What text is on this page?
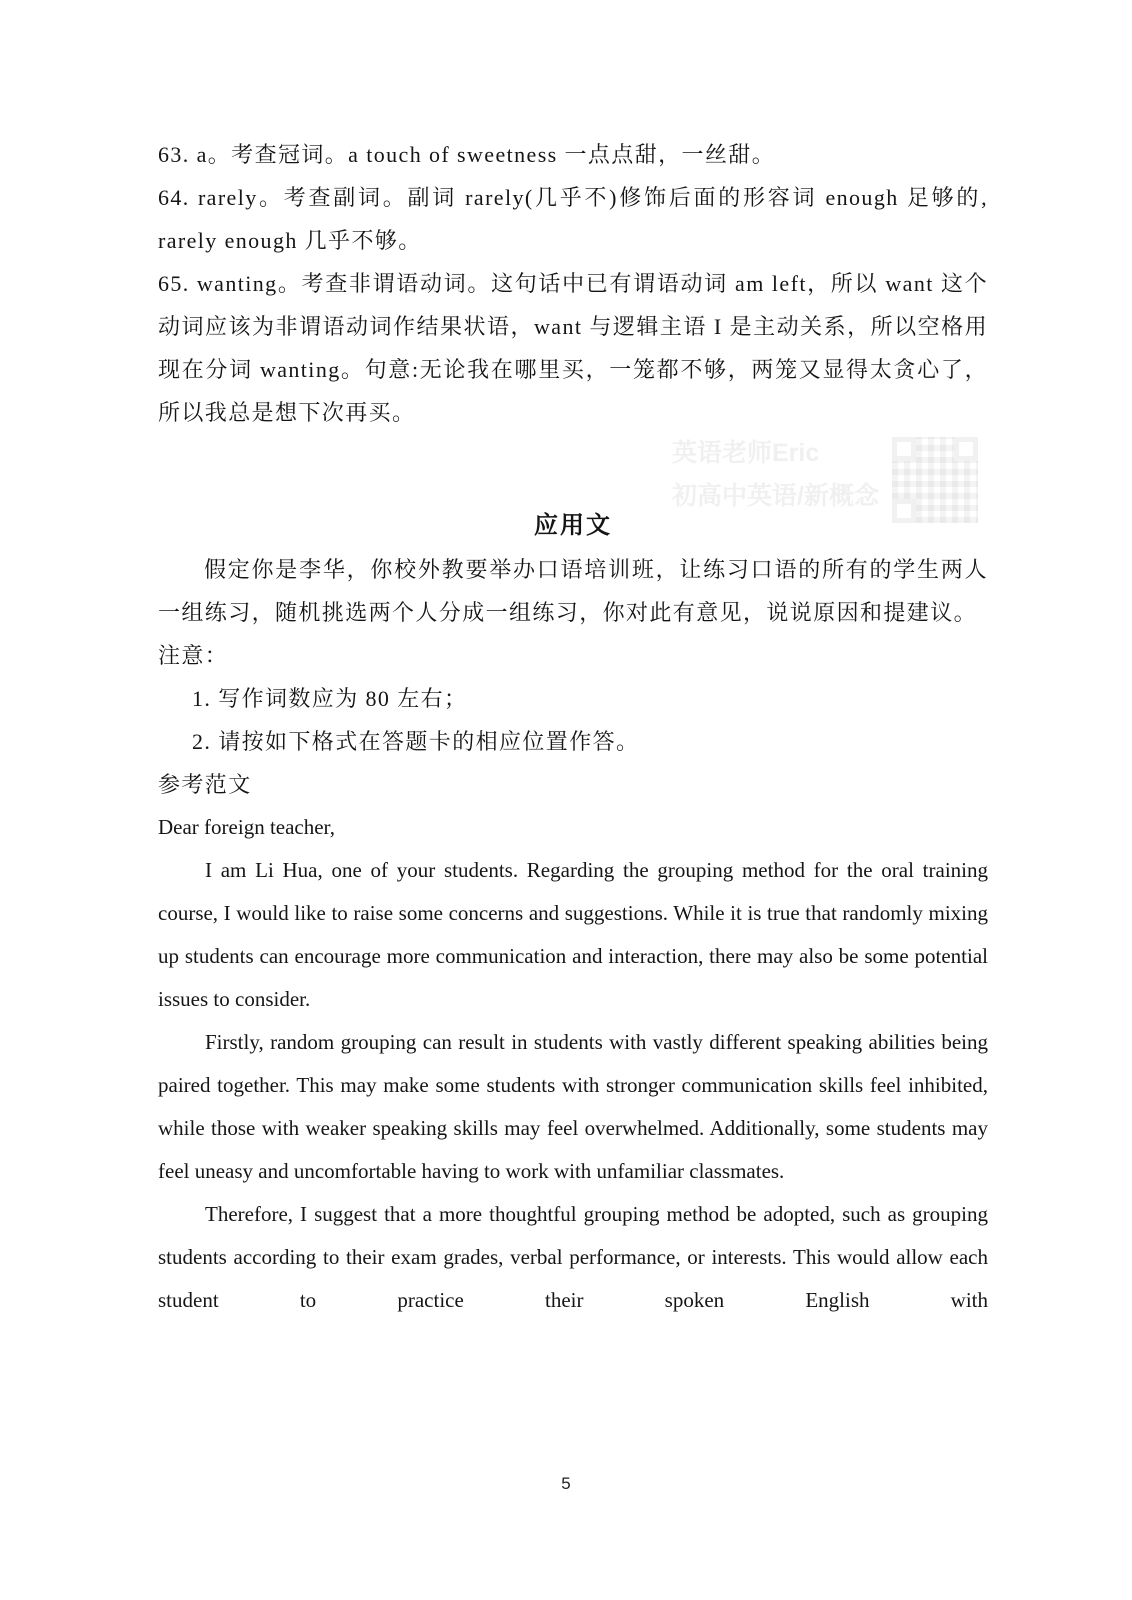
英语老师Eric
初高中英语/新概念

63. a。考查冠词。a touch of sweetness 一点点甜，一丝甜。

64. rarely。考查副词。副词 rarely(几乎不)修饰后面的形容词 enough 足够的, rarely enough 几乎不够。

65. wanting。考查非谓语动词。这句话中已有谓语动词 am left，所以 want 这个动词应该为非谓语动词作结果状语，want 与逻辑主语 I 是主动关系，所以空格用现在分词 wanting。句意:无论我在哪里买，一笼都不够，两笼又显得太贪心了，所以我总是想下次再买。

应用文

假定你是李华，你校外教要举办口语培训班，让练习口语的所有的学生两人一组练习，随机挑选两个人分成一组练习，你对此有意见，说说原因和提建议。

注意：

1. 写作词数应为 80 左右；

2. 请按如下格式在答题卡的相应位置作答。

参考范文

Dear foreign teacher,

I am Li Hua, one of your students. Regarding the grouping method for the oral training course, I would like to raise some concerns and suggestions. While it is true that randomly mixing up students can encourage more communication and interaction, there may also be some potential issues to consider.

Firstly, random grouping can result in students with vastly different speaking abilities being paired together. This may make some students with stronger communication skills feel inhibited, while those with weaker speaking skills may feel overwhelmed. Additionally, some students may feel uneasy and uncomfortable having to work with unfamiliar classmates.

Therefore, I suggest that a more thoughtful grouping method be adopted, such as grouping students according to their exam grades, verbal performance, or interests. This would allow each student to practice their spoken English with

5
